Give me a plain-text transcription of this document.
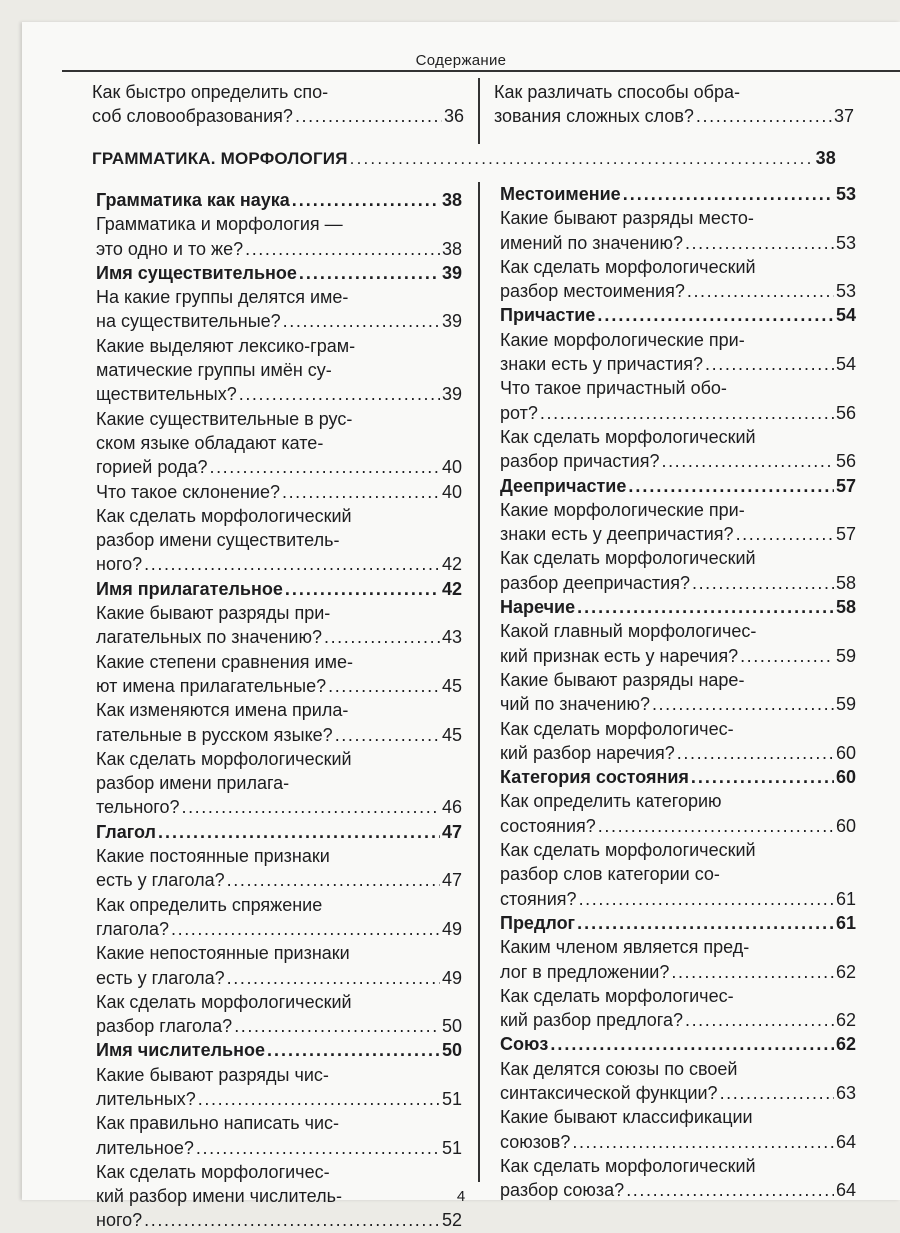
Содержание
Как быстро определить спо-
соб словообразования? .....	36
Как различать способы обра-
зования сложных слов? .....	37
ГРАММАТИКА. МОРФОЛОГИЯ .....	38
Грамматика как наука .....	38
Грамматика и морфология —
это одно и то же? .....	38
Имя существительное .....	39
На какие группы делятся име-
на существительные? .....	39
Какие выделяют лексико-грам-
матические группы имён су-
ществительных? .....	39
Какие существительные в рус-
ском языке обладают кате-
горией рода? .....	40
Что такое склонение? .....	40
Как сделать морфологический
разбор имени существитель-
ного? .....	42
Имя прилагательное .....	42
Какие бывают разряды при-
лагательных по значению? .....	43
Какие степени сравнения име-
ют имена прилагательные? .....	45
Как изменяются имена прила-
гательные в русском языке? .....	45
Как сделать морфологический
разбор имени прилага-
тельного? .....	46
Глагол .....	47
Какие постоянные признаки
есть у глагола? .....	47
Как определить спряжение
глагола? .....	49
Какие непостоянные признаки
есть у глагола? .....	49
Как сделать морфологический
разбор глагола? .....	50
Имя числительное .....	50
Какие бывают разряды чис-
лительных? .....	51
Как правильно написать чис-
лительное? .....	51
Как сделать морфологичес-
кий разбор имени числитель-
ного? .....	52
Местоимение .....	53
Какие бывают разряды место-
имений по значению? .....	53
Как сделать морфологический
разбор местоимения? .....	53
Причастие .....	54
Какие морфологические при-
знаки есть у причастия? .....	54
Что такое причастный обо-
рот? .....	56
Как сделать морфологический
разбор причастия? .....	56
Деепричастие .....	57
Какие морфологические при-
знаки есть у деепричастия? .....	57
Как сделать морфологический
разбор деепричастия? .....	58
Наречие .....	58
Какой главный морфологичес-
кий признак есть у наречия? .....	59
Какие бывают разряды наре-
чий по значению? .....	59
Как сделать морфологичес-
кий разбор наречия? .....	60
Категория состояния .....	60
Как определить категорию
состояния? .....	60
Как сделать морфологический
разбор слов категории со-
стояния? .....	61
Предлог .....	61
Каким членом является пред-
лог в предложении? .....	62
Как сделать морфологичес-
кий разбор предлога? .....	62
Союз .....	62
Как делятся союзы по своей
синтаксической функции? .....	63
Какие бывают классификации
союзов? .....	64
Как сделать морфологический
разбор союза? .....	64
4
